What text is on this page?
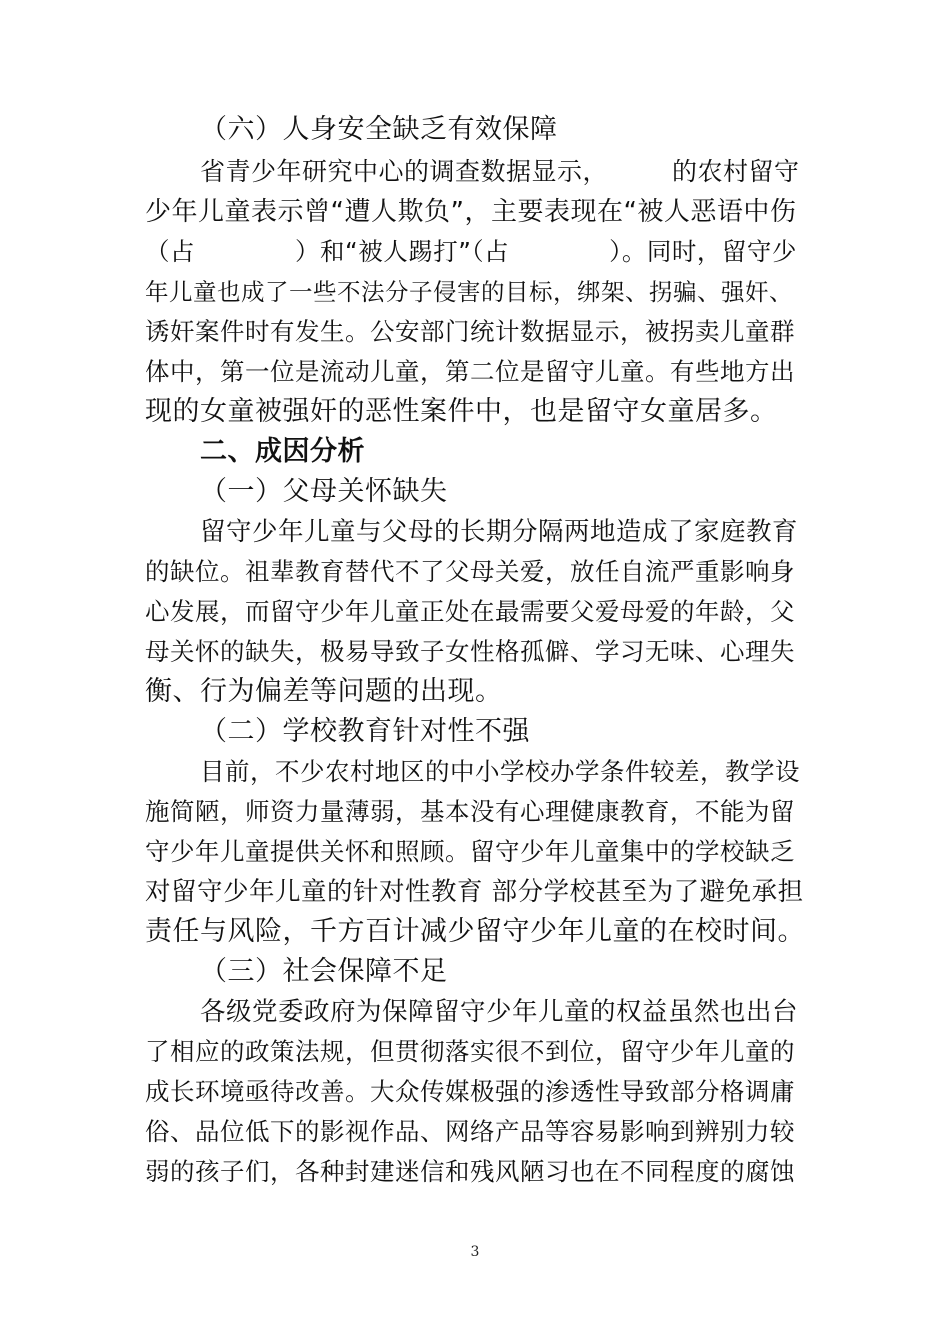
（六）人身安全缺乏有效保障

省青少年研究中心的调查数据显示，　　　的农村留守

少年儿童表示曾“遭人欺负”，主要表现在“被人恶语中伤

（占　　　　）和“被人踢打”（占　　　　）。同时，留守少

年儿童也成了一些不法分子侵害的目标，绑架、拐骗、强奸、

诱奸案件时有发生。公安部门统计数据显示，被拐卖儿童群

体中，第一位是流动儿童，第二位是留守儿童。有些地方出

现的女童被强奸的恶性案件中，也是留守女童居多。

二、成因分析

（一）父母关怀缺失

留守少年儿童与父母的长期分隔两地造成了家庭教育

的缺位。祖辈教育替代不了父母关爱，放任自流严重影响身

心发展，而留守少年儿童正处在最需要父爱母爱的年龄，父

母关怀的缺失，极易导致子女性格孤僻、学习无味、心理失

衡、行为偏差等问题的出现。

（二）学校教育针对性不强

目前，不少农村地区的中小学校办学条件较差，教学设

施简陋，师资力量薄弱，基本没有心理健康教育，不能为留

守少年儿童提供关怀和照顾。留守少年儿童集中的学校缺乏

对留守少年儿童的针对性教育 部分学校甚至为了避免承担

责任与风险，千方百计减少留守少年儿童的在校时间。

（三）社会保障不足

各级党委政府为保障留守少年儿童的权益虽然也出台

了相应的政策法规，但贯彻落实很不到位，留守少年儿童的

成长环境亟待改善。大众传媒极强的渗透性导致部分格调庸

俗、品位低下的影视作品、网络产品等容易影响到辨别力较

弱的孩子们，各种封建迷信和残风陋习也在不同程度的腐蚀

3
